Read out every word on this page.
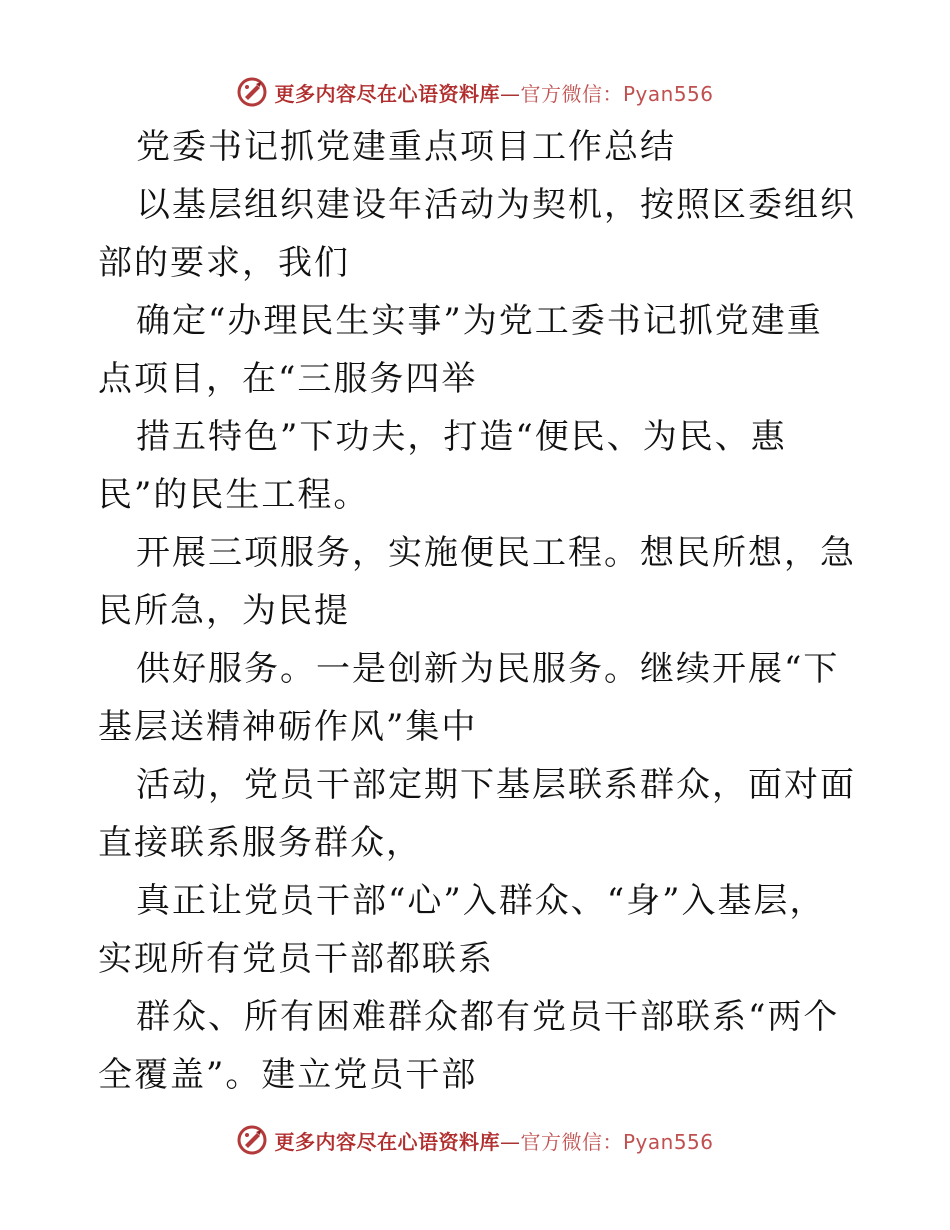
更多内容尽在心语资料库—官方微信：Pyan556

党委书记抓党建重点项目工作总结

以基层组织建设年活动为契机，按照区委组织部的要求，我们

确定“办理民生实事”为党工委书记抓党建重点项目，在“三服务四举

措五特色”下功夫，打造“便民、为民、惠民”的民生工程。

开展三项服务，实施便民工程。想民所想，急民所急，为民提

供好服务。一是创新为民服务。继续开展“下基层送精神砺作风”集中

活动，党员干部定期下基层联系群众，面对面直接联系服务群众，

真正让党员干部“心”入群众、“身”入基层，实现所有党员干部都联系

群众、所有困难群众都有党员干部联系“两个全覆盖”。建立党员干部

更多内容尽在心语资料库—官方微信：Pyan556
